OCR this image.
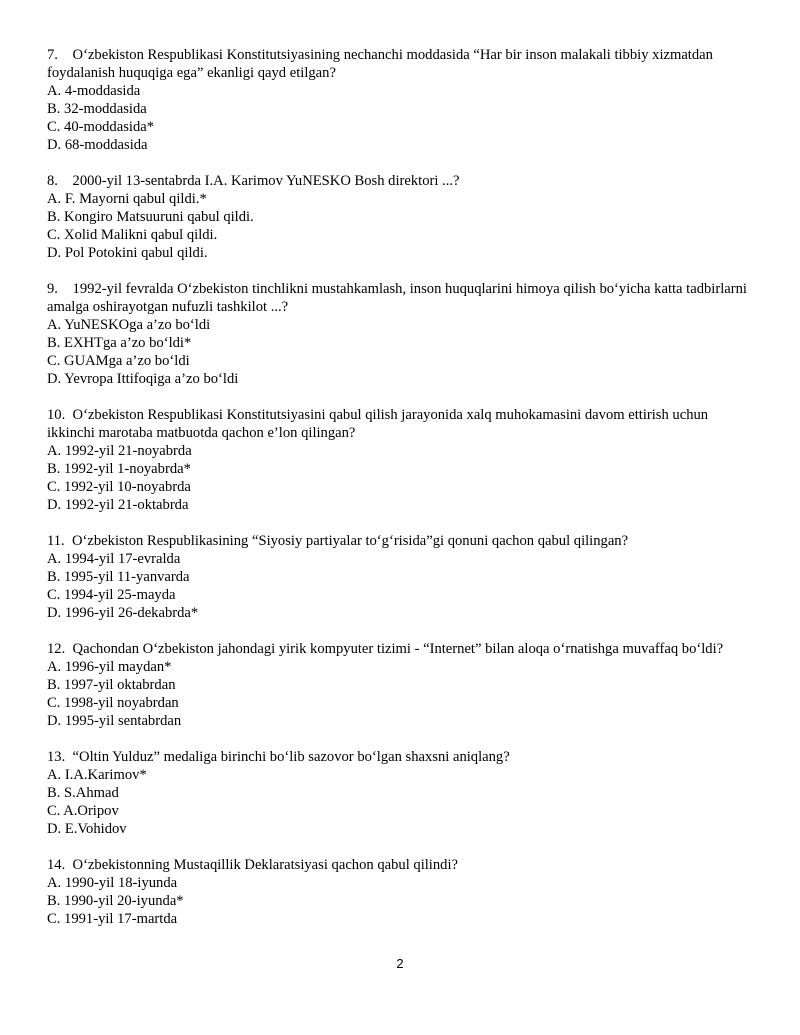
7. O‘zbekiston Respublikasi Konstitutsiyasining nechanchi moddasida “Har bir inson malakali tibbiy xizmatdan foydalanish huquqiga ega” ekanligi qayd etilgan?

A. 4-moddasida

B. 32-moddasida

C. 40-moddasida*

D. 68-moddasida

8. 2000-yil 13-sentabrda I.A. Karimov YuNESKO Bosh direktori ...?

A. F. Mayorni qabul qildi.*

B. Kongiro Matsuuruni qabul qildi.

C. Xolid Malikni qabul qildi.

D. Pol Potokini qabul qildi.

9. 1992-yil fevralda O‘zbekiston tinchlikni mustahkamlash, inson huquqlarini himoya qilish bo‘yicha katta tadbirlarni amalga oshirayotgan nufuzli tashkilot ...?

A. YuNESKOga a’zo bo‘ldi

B. EXHTga a’zo bo‘ldi*

C. GUAMga a’zo bo‘ldi

D. Yevropa Ittifoqiga a’zo bo‘ldi

10. O‘zbekiston Respublikasi Konstitutsiyasini qabul qilish jarayonida xalq muhokamasini davom ettirish uchun ikkinchi marotaba matbuotda qachon e’lon qilingan?

A. 1992-yil 21-noyabrda

B. 1992-yil 1-noyabrda*

C. 1992-yil 10-noyabrda

D. 1992-yil 21-oktabrda

11. O‘zbekiston Respublikasining “Siyosiy partiyalar to‘g‘risida”gi qonuni qachon qabul qilingan?

A. 1994-yil 17-evralda

B. 1995-yil 11-yanvarda

C. 1994-yil 25-mayda

D. 1996-yil 26-dekabrda*

12. Qachondan O‘zbekiston jahondagi yirik kompyuter tizimi - “Internet” bilan aloqa o‘rnatishga muvaffaq bo‘ldi?

A. 1996-yil maydan*

B. 1997-yil oktabrdan

C. 1998-yil noyabrdan

D. 1995-yil sentabrdan

13. “Oltin Yulduz” medaliga birinchi bo‘lib sazovor bo‘lgan shaxsni aniqlang?

A. I.A.Karimov*

B. S.Ahmad

C. A.Oripov

D. E.Vohidov

14. O‘zbekistonning Mustaqillik Deklaratsiyasi qachon qabul qilindi?

A. 1990-yil 18-iyunda

B. 1990-yil 20-iyunda*

C. 1991-yil 17-martda

2
